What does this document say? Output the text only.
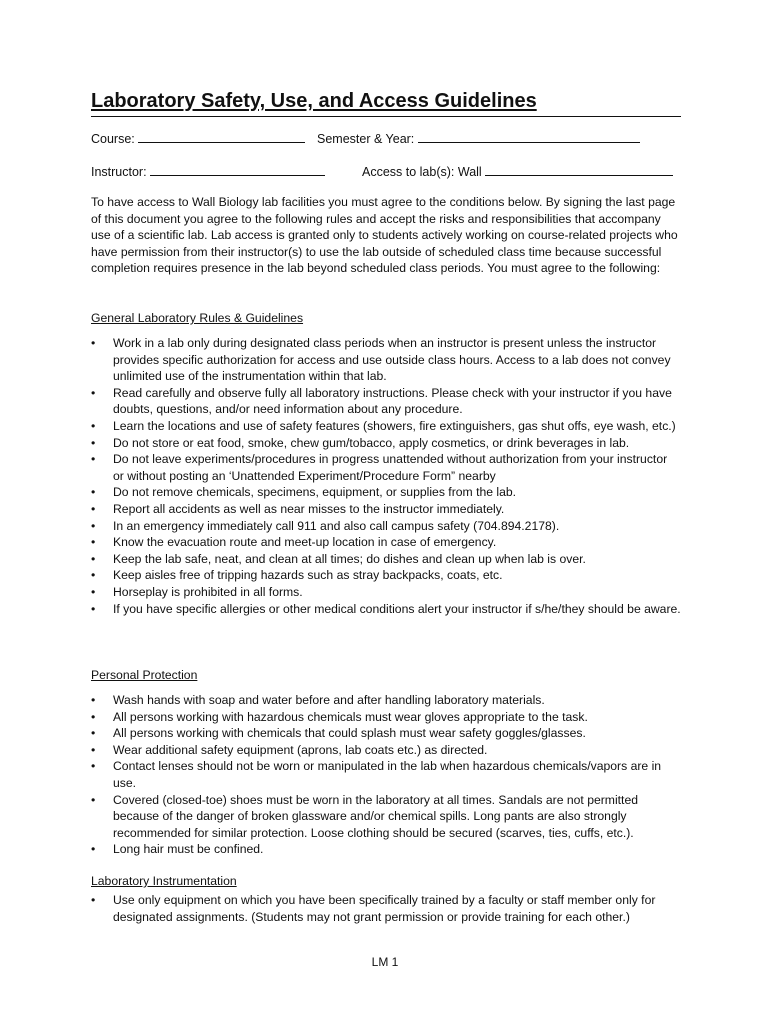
Laboratory Safety, Use, and Access Guidelines
Course:	Semester & Year:
Instructor:	Access to lab(s): Wall
To have access to Wall Biology lab facilities you must agree to the conditions below. By signing the last page of this document you agree to the following rules and accept the risks and responsibilities that accompany use of a scientific lab. Lab access is granted only to students actively working on course-related projects who have permission from their instructor(s) to use the lab outside of scheduled class time because successful completion requires presence in the lab beyond scheduled class periods. You must agree to the following:
General Laboratory Rules & Guidelines
• Work in a lab only during designated class periods when an instructor is present unless the instructor provides specific authorization for access and use outside class hours. Access to a lab does not convey unlimited use of the instrumentation within that lab.
• Read carefully and observe fully all laboratory instructions. Please check with your instructor if you have doubts, questions, and/or need information about any procedure.
• Learn the locations and use of safety features (showers, fire extinguishers, gas shut offs, eye wash, etc.)
• Do not store or eat food, smoke, chew gum/tobacco, apply cosmetics, or drink beverages in lab.
• Do not leave experiments/procedures in progress unattended without authorization from your instructor or without posting an ‘Unattended Experiment/Procedure Form” nearby
• Do not remove chemicals, specimens, equipment, or supplies from the lab.
• Report all accidents as well as near misses to the instructor immediately.
• In an emergency immediately call 911 and also call campus safety (704.894.2178).
• Know the evacuation route and meet-up location in case of emergency.
• Keep the lab safe, neat, and clean at all times; do dishes and clean up when lab is over.
• Keep aisles free of tripping hazards such as stray backpacks, coats, etc.
• Horseplay is prohibited in all forms.
• If you have specific allergies or other medical conditions alert your instructor if s/he/they should be aware.
Personal Protection
• Wash hands with soap and water before and after handling laboratory materials.
• All persons working with hazardous chemicals must wear gloves appropriate to the task.
• All persons working with chemicals that could splash must wear safety goggles/glasses.
• Wear additional safety equipment (aprons, lab coats etc.) as directed.
• Contact lenses should not be worn or manipulated in the lab when hazardous chemicals/vapors are in use.
• Covered (closed-toe) shoes must be worn in the laboratory at all times. Sandals are not permitted because of the danger of broken glassware and/or chemical spills. Long pants are also strongly recommended for similar protection. Loose clothing should be secured (scarves, ties, cuffs, etc.).
• Long hair must be confined.
Laboratory Instrumentation
• Use only equipment on which you have been specifically trained by a faculty or staff member only for designated assignments. (Students may not grant permission or provide training for each other.)
LM 1
